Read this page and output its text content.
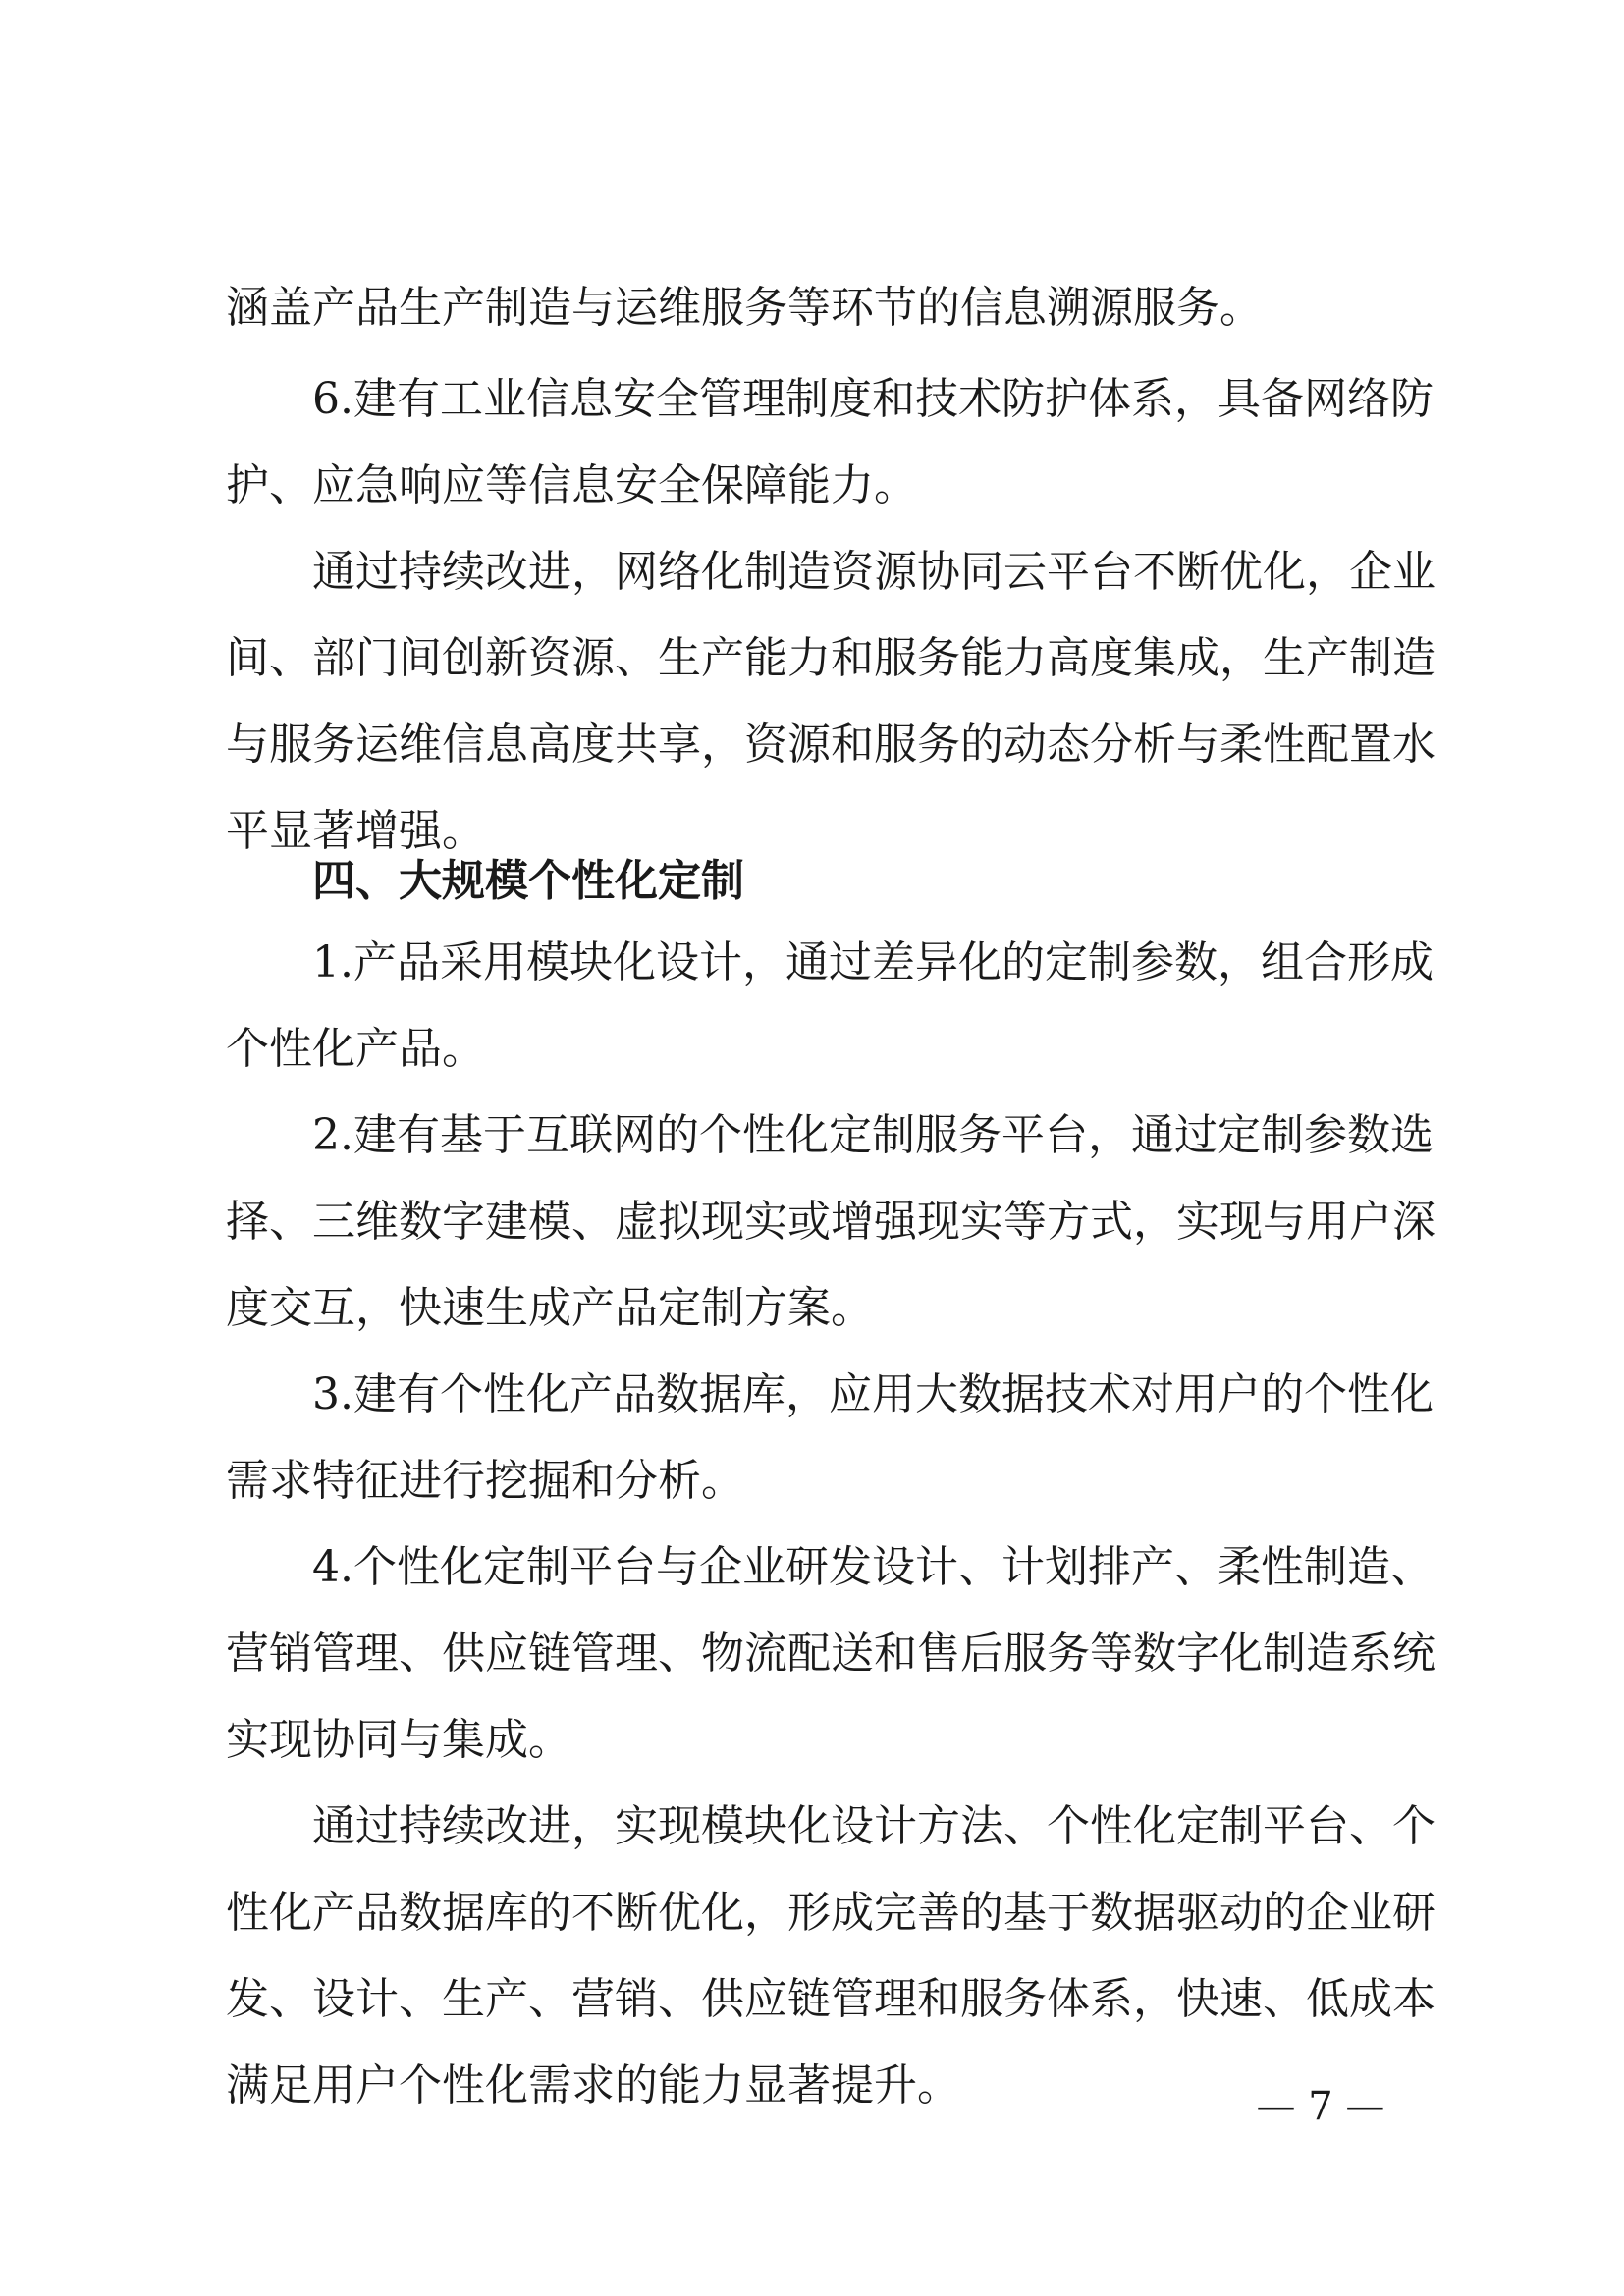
涵盖产品生产制造与运维服务等环节的信息溯源服务。
6.建有工业信息安全管理制度和技术防护体系，具备网络防
护、应急响应等信息安全保障能力。
通过持续改进，网络化制造资源协同云平台不断优化，企业
间、部门间创新资源、生产能力和服务能力高度集成，生产制造
与服务运维信息高度共享，资源和服务的动态分析与柔性配置水
平显著增强。
四、大规模个性化定制
1.产品采用模块化设计，通过差异化的定制参数，组合形成
个性化产品。
2.建有基于互联网的个性化定制服务平台，通过定制参数选
择、三维数字建模、虚拟现实或增强现实等方式，实现与用户深
度交互，快速生成产品定制方案。
3.建有个性化产品数据库，应用大数据技术对用户的个性化
需求特征进行挖掘和分析。
4.个性化定制平台与企业研发设计、计划排产、柔性制造、
营销管理、供应链管理、物流配送和售后服务等数字化制造系统
实现协同与集成。
通过持续改进，实现模块化设计方法、个性化定制平台、个
性化产品数据库的不断优化，形成完善的基于数据驱动的企业研
发、设计、生产、营销、供应链管理和服务体系，快速、低成本
满足用户个性化需求的能力显著提升。	— 7 —
